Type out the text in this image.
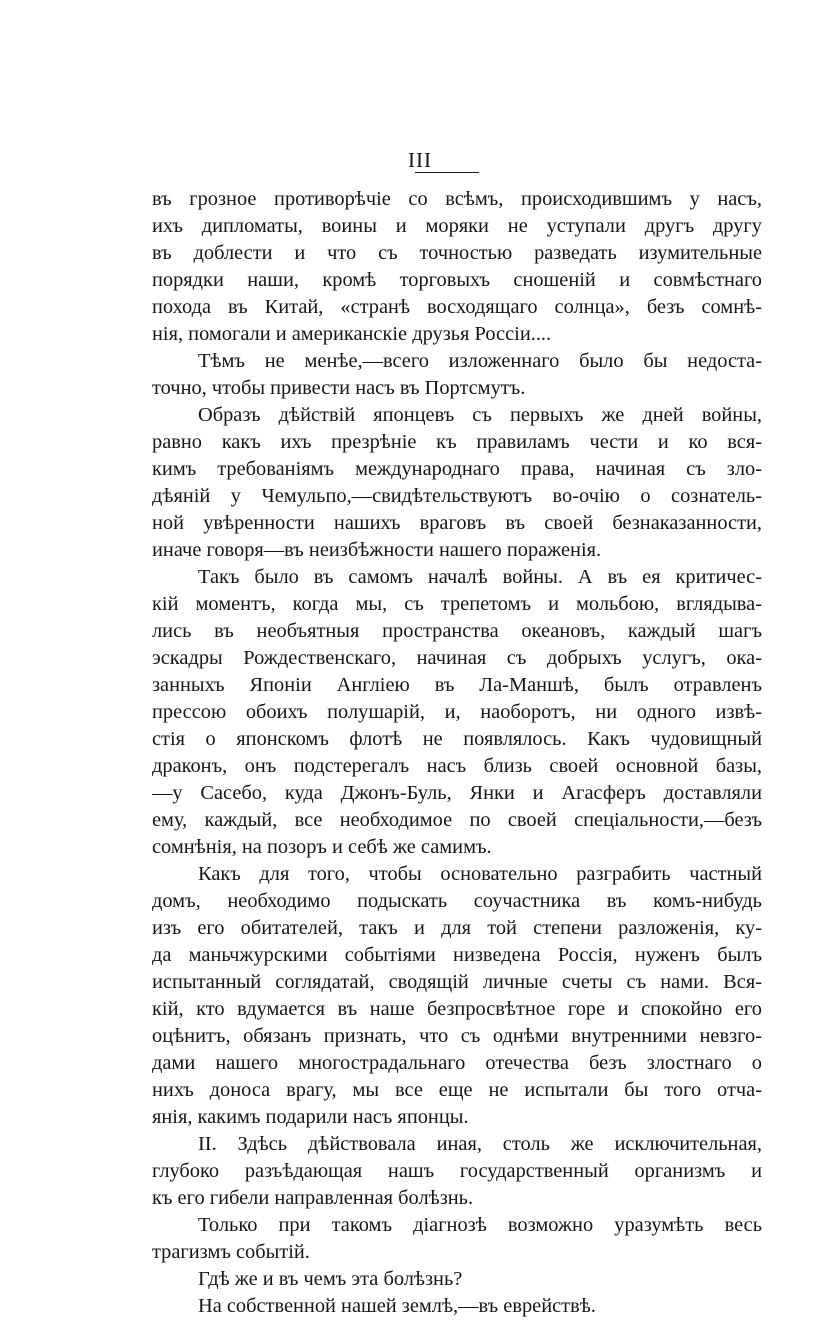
III
въ грозное противорѣчіе со всѣмъ, происходившимъ у насъ,
ихъ дипломаты, воины и моряки не уступали другъ другу
въ доблести и что съ точностью разведать изумительные
порядки наши, кромѣ торговыхъ сношеній и совмѣстнаго
похода въ Китай, «странѣ восходящаго солнца», безъ сомнѣ-
нія, помогали и американскіе друзья Россіи....
Тѣмъ не менѣе,—всего изложеннаго было бы недоста-
точно, чтобы привести насъ въ Портсмутъ.
Образъ дѣйствій японцевъ съ первыхъ же дней войны,
равно какъ ихъ презрѣніе къ правиламъ чести и ко вся-
кимъ требованіямъ международнаго права, начиная съ зло-
дѣяній у Чемульпо,—свидѣтельствуютъ во-очію о сознатель-
ной увѣренности нашихъ враговъ въ своей безнаказанности,
иначе говоря—въ неизбѣжности нашего пораженія.
Такъ было въ самомъ началѣ войны. А въ ея критичес-
кій моментъ, когда мы, съ трепетомъ и мольбою, вглядыва-
лись въ необъятныя пространства океановъ, каждый шагъ
эскадры Рождественскаго, начиная съ добрыхъ услугъ, ока-
занныхъ Японіи Англіею въ Ла-Маншѣ, былъ отравленъ
прессою обоихъ полушарій, и, наоборотъ, ни одного извѣ-
стія о японскомъ флотѣ не появлялось. Какъ чудовищный
драконъ, онъ подстерегалъ насъ близь своей основной базы,
—у Сасебо, куда Джонъ-Буль, Янки и Агасферъ доставляли
ему, каждый, все необходимое по своей спеціальности,—безъ
сомнѣнія, на позоръ и себѣ же самимъ.
Какъ для того, чтобы основательно разграбить частный
домъ, необходимо подыскать соучастника въ комъ-нибудь
изъ его обитателей, такъ и для той степени разложенія, ку-
да маньчжурскими событіями низведена Россія, нуженъ былъ
испытанный соглядатай, сводящій личные счеты съ нами. Вся-
кій, кто вдумается въ наше безпросвѣтное горе и спокойно его
оцѣнитъ, обязанъ признать, что съ однѣми внутренними невзго-
дами нашего многострадальнаго отечества безъ злостнаго о
нихъ доноса врагу, мы все еще не испытали бы того отча-
янія, какимъ подарили насъ японцы.
II. Здѣсь дѣйствовала иная, столь же исключительная,
глубоко разъѣдающая нашъ государственный организмъ и
къ его гибели направленная болѣзнь.
Только при такомъ діагнозѣ возможно уразумѣть весь
трагизмъ событій.
Гдѣ же и въ чемъ эта болѣзнь?
На собственной нашей землѣ,—въ еврействѣ.
